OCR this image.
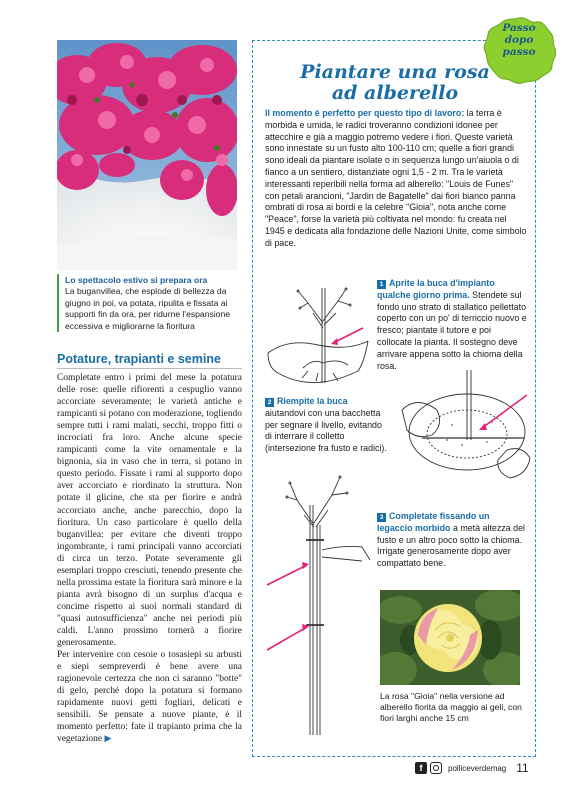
Lo spettacolo estivo si prepara ora
La buganvillea, che esplode di bellezza da giugno in poi, va potata, ripulita e fissata ai supporti fin da ora, per ridurne l'espansione eccessiva e migliorarne la fioritura
Potature, trapianti e semine

Completate entro i primi del mese la potatura delle rose: quelle rifiorenti a cespuglio vanno accorciate severamente; le varietà antiche e rampicanti si potano con moderazione, togliendo sempre tutti i rami malati, secchi, troppo fitti o incrociati fra loro. Anche alcune specie rampicanti come la vite ornamentale e la bignonia, sia in vaso che in terra, si potano in questo periodo. Fissate i rami al supporto dopo aver accorciato e riordinato la struttura. Non potate il glicine, che sta per fiorire e andrà accorciato anche, anche parecchio, dopo la fioritura. Un caso particolare è quello della buganvillea: per evitare che diventi troppo ingombrante, i rami principali vanno accorciati di circa un terzo. Potate severamente gli esemplari troppo cresciuti, tenendo presente che nella prossima estate la fioritura sarà minore e la pianta avrà bisogno di un surplus d'acqua e concime rispetto ai suoi normali standard di "quasi autosufficienza" anche nei periodi più caldi. L'anno prossimo tornerà a fiorire generosamente.

Per intervenire con cesoie o tosasiepi su arbusti e siepi sempreverdi è bene avere una ragionevole certezza che non ci saranno "botte" di gelo, perché dopo la potatura si formano rapidamente nuovi getti fogliari, delicati e sensibili. Se pensate a nuove piante, è il momento perfetto: fate il trapianto prima che la vegetazione ▶

Passo
dopo
passo
Piantare una rosa
ad alberello
Il momento è perfetto per questo tipo di lavoro: la terra è morbida e umida, le radici troveranno condizioni idonee per attecchire e già a maggio potremo vedere i fiori. Queste varietà sono innestate su un fusto alto 100-110 cm; quelle a fiori grandi sono ideali da piantare isolate o in sequenza lungo un'aiuola o di fianco a un sentiero, distanziate ogni 1,5 - 2 m. Tra le varietà interessanti reperibili nella forma ad alberello: "Louis de Funes" con petali arancioni, "Jardin de Bagatelle" dai fiori bianco panna ombrati di rosa ai bordi e la celebre "Gioia", nota anche come "Peace", forse la varietà più coltivata nel mondo: fu creata nel 1945 e dedicata alla fondazione delle Nazioni Unite, come simbolo di pace.
1 Aprite la buca d'impianto qualche giorno prima. Stendete sul fondo uno strato di stallatico pellettato coperto con un po' di terriccio nuovo e fresco; piantate il tutore e poi collocate la pianta. Il sostegno deve arrivare appena sotto la chioma della rosa.
2 Riempite la buca aiutandovi con una bacchetta per segnare il livello, evitando di interrare il colletto (intersezione fra fusto e radici).
3 Completate fissando un legaccio morbido a metà altezza del fusto e un altro poco sotto la chioma. Irrigate generosamente dopo aver compattato bene.
La rosa "Gioia" nella versione ad alberello fiorita da maggio ai geli, con fiori larghi anche 15 cm
f	polliceverdemag 11
